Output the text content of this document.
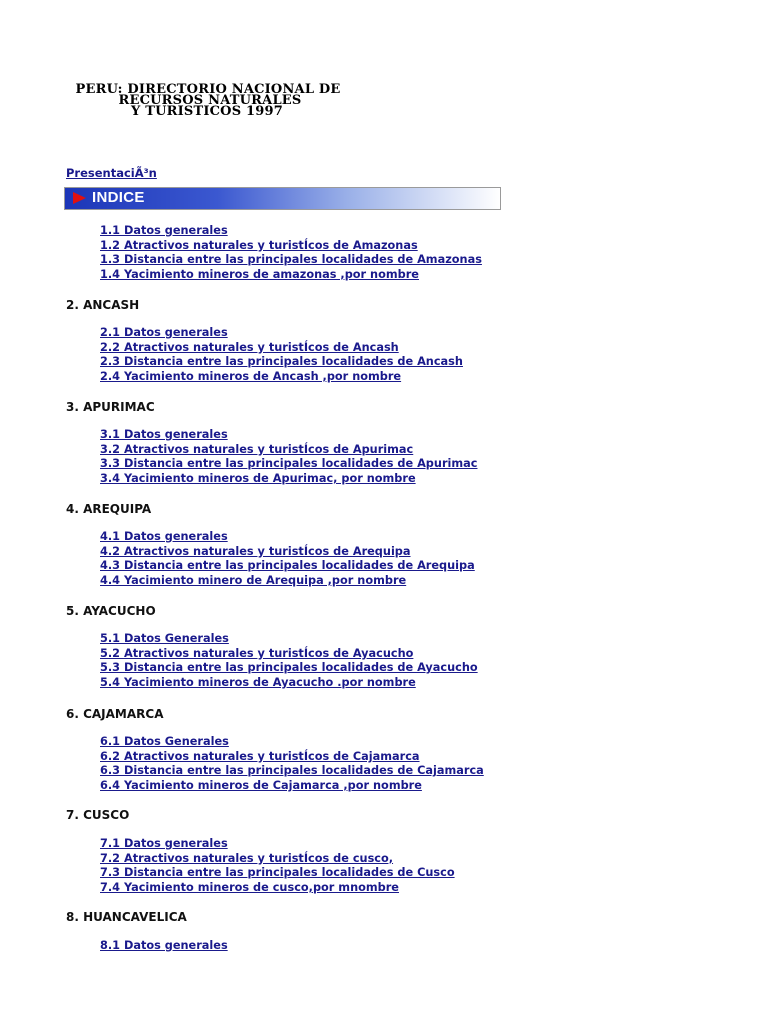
PERU: DIRECTORIO NACIONAL DE
RECURSOS NATURALES
Y TURISTICOS 1997
PresentaciÃ³n
INDICE
1.1 Datos generales
1.2 Atractivos naturales y turistÍcos de Amazonas
1.3 Distancia entre las principales localidades de Amazonas
1.4 Yacimiento mineros de amazonas ,por nombre
2. ANCASH
2.1 Datos generales
2.2 Atractivos naturales y turistÍcos de Ancash
2.3 Distancia entre las principales localidades de Ancash
2.4 Yacimiento mineros de Ancash ,por nombre
3. APURIMAC
3.1 Datos generales
3.2 Atractivos naturales y turistÍcos de Apurimac
3.3 Distancia entre las principales localidades de Apurimac
3.4 Yacimiento mineros de Apurimac, por nombre
4. AREQUIPA
4.1 Datos generales
4.2 Atractivos naturales y turistÍcos de Arequipa
4.3 Distancia entre las principales localidades de Arequipa
4.4 Yacimiento minero de Arequipa ,por nombre
5. AYACUCHO
5.1 Datos Generales
5.2 Atractivos naturales y turistÍcos de Ayacucho
5.3 Distancia entre las principales localidades de Ayacucho
5.4 Yacimiento mineros de Ayacucho .por nombre
6. CAJAMARCA
6.1 Datos Generales
6.2 Atractivos naturales y turistÍcos de Cajamarca
6.3 Distancia entre las principales localidades de Cajamarca
6.4 Yacimiento mineros de Cajamarca ,por nombre
7. CUSCO
7.1 Datos generales
7.2 Atractivos naturales y turistÍcos de cusco,
7.3 Distancia entre las principales localidades de Cusco
7.4 Yacimiento mineros de cusco,por mnombre
8. HUANCAVELICA
8.1 Datos generales
